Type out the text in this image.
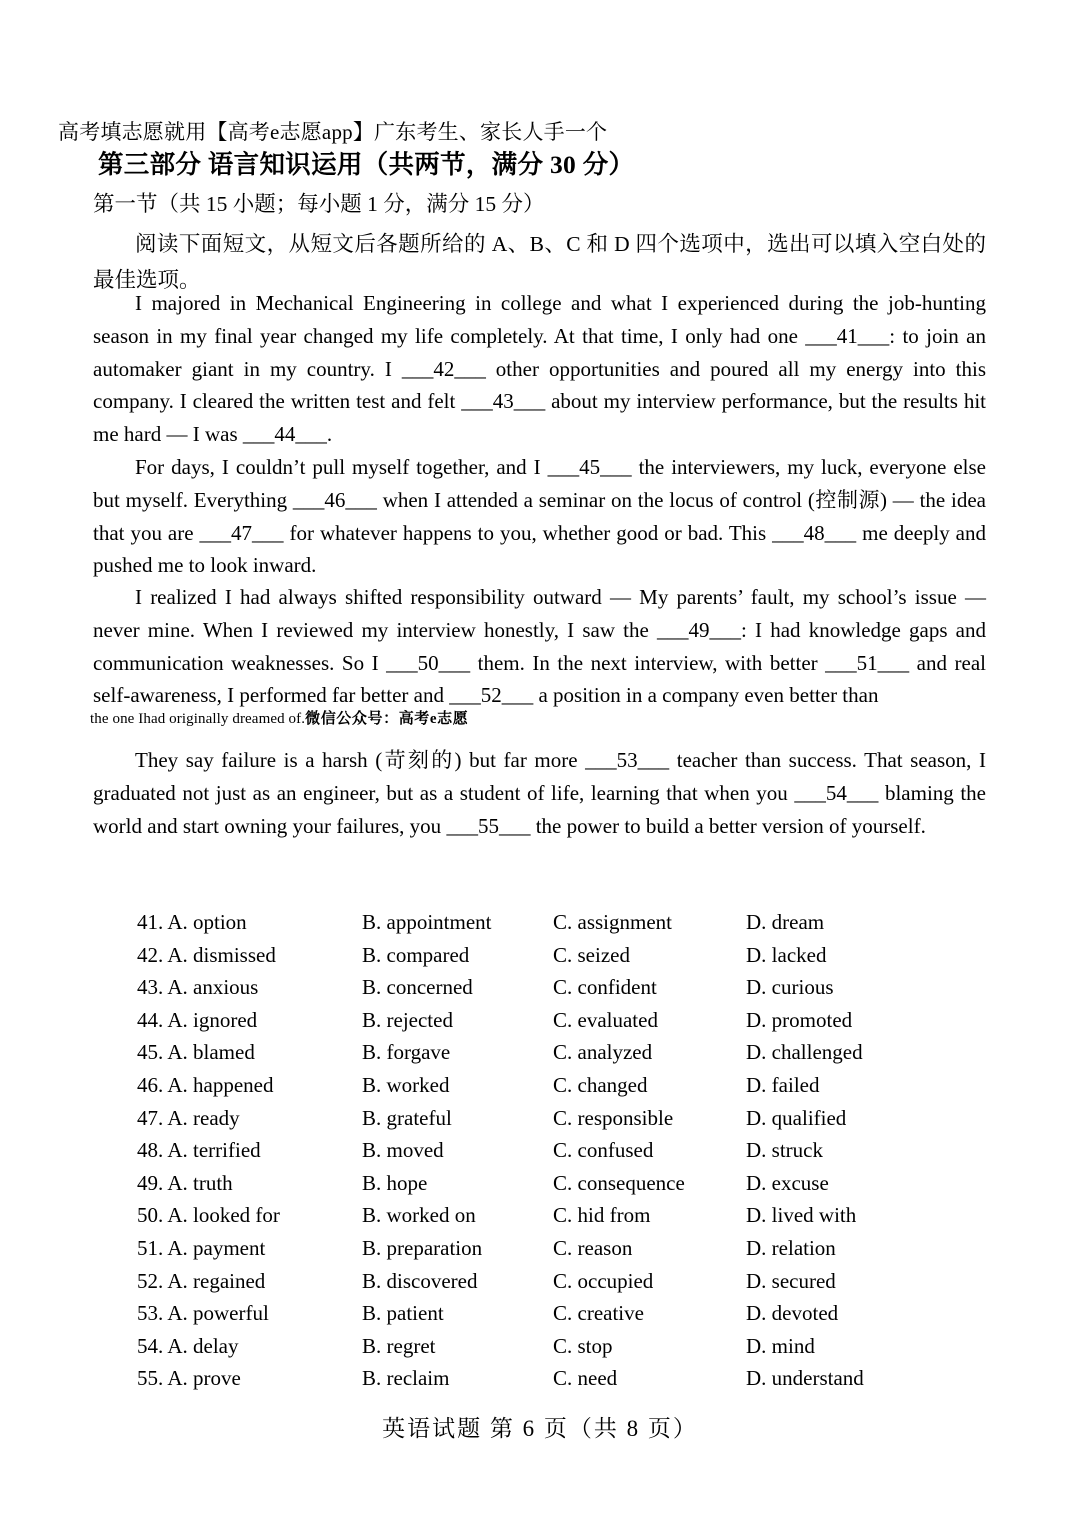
高考填志愿就用【高考e志愿app】广东考生、家长人手一个
第三部分 语言知识运用（共两节，满分 30 分）
第一节（共 15 小题；每小题 1 分，满分 15 分）
阅读下面短文，从短文后各题所给的 A、B、C 和 D 四个选项中，选出可以填入空白处的最佳选项。
I majored in Mechanical Engineering in college and what I experienced during the job-hunting season in my final year changed my life completely. At that time, I only had one ___ 41 ___ : to join an automaker giant in my country. I ___ 42 ___ other opportunities and poured all my energy into this company. I cleared the written test and felt ___ 43 ___ about my interview performance, but the results hit me hard — I was ___ 44 ___ .
For days, I couldn’t pull myself together, and I ___ 45 ___ the interviewers, my luck, everyone else but myself. Everything ___ 46 ___ when I attended a seminar on the locus of control (控制源) — the idea that you are ___ 47 ___ for whatever happens to you, whether good or bad. This ___ 48 ___ me deeply and pushed me to look inward.
I realized I had always shifted responsibility outward — My parents’ fault, my school’s issue — never mine. When I reviewed my interview honestly, I saw the ___ 49 ___ : I had knowledge gaps and communication weaknesses. So I ___ 50 ___ them. In the next interview, with better ___ 51 ___ and real self-awareness, I performed far better and ___ 52 ___ a position in a company even better than
the one Ihad originally dreamed of.微信公众号：高考e志愿
They say failure is a harsh (苛刻的) but far more ___ 53 ___ teacher than success. That season, I graduated not just as an engineer, but as a student of life, learning that when you ___ 54 ___ blaming the world and start owning your failures, you ___ 55 ___ the power to build a better version of yourself.
41. A. option	B. appointment	C. assignment	D. dream
42. A. dismissed	B. compared	C. seized	D. lacked
43. A. anxious	B. concerned	C. confident	D. curious
44. A. ignored	B. rejected	C. evaluated	D. promoted
45. A. blamed	B. forgave	C. analyzed	D. challenged
46. A. happened	B. worked	C. changed	D. failed
47. A. ready	B. grateful	C. responsible	D. qualified
48. A. terrified	B. moved	C. confused	D. struck
49. A. truth	B. hope	C. consequence	D. excuse
50. A. looked for	B. worked on	C. hid from	D. lived with
51. A. payment	B. preparation	C. reason	D. relation
52. A. regained	B. discovered	C. occupied	D. secured
53. A. powerful	B. patient	C. creative	D. devoted
54. A. delay	B. regret	C. stop	D. mind
55. A. prove	B. reclaim	C. need	D. understand
英语试题 第 6 页（共 8 页）
